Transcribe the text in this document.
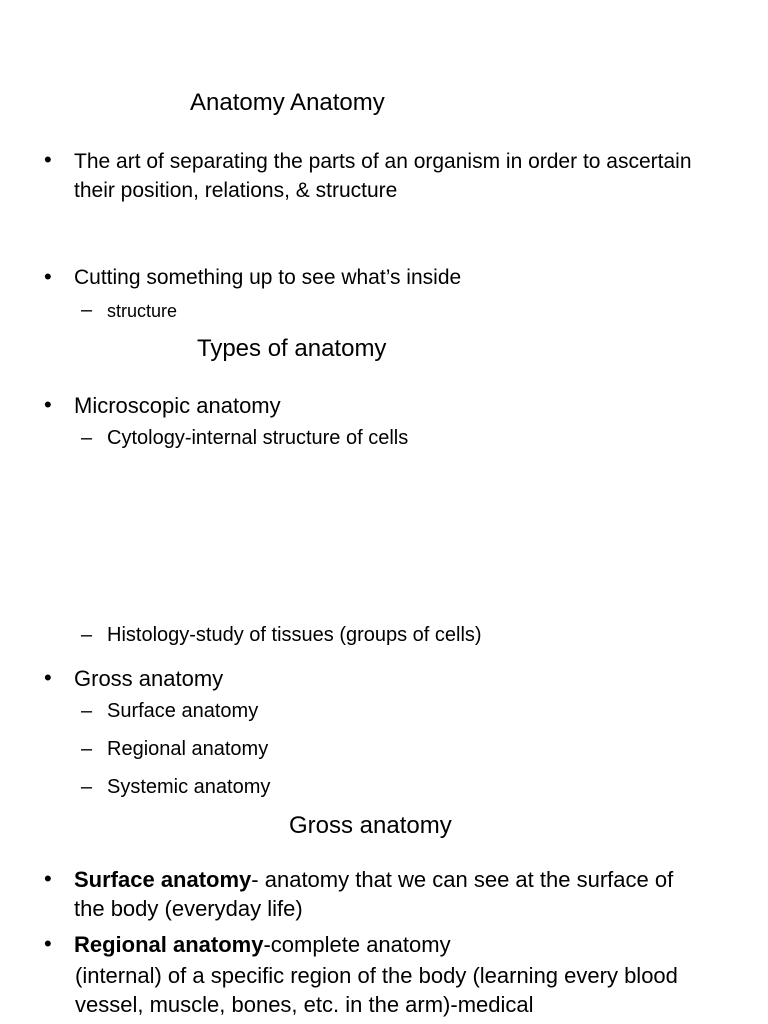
Anatomy Anatomy
• The art of separating the parts of an organism in order to ascertain their position, relations, & structure
• Cutting something up to see what’s inside
– structure
Types of anatomy
• Microscopic anatomy
– Cytology-internal structure of cells
– Histology-study of tissues (groups of cells)
• Gross anatomy
– Surface anatomy
– Regional anatomy
– Systemic anatomy
Gross anatomy
• Surface anatomy- anatomy that we can see at the surface of the body (everyday life)
• Regional anatomy-complete anatomy
(internal) of a specific region of the body (learning every blood vessel, muscle, bones, etc. in the arm)-medical
